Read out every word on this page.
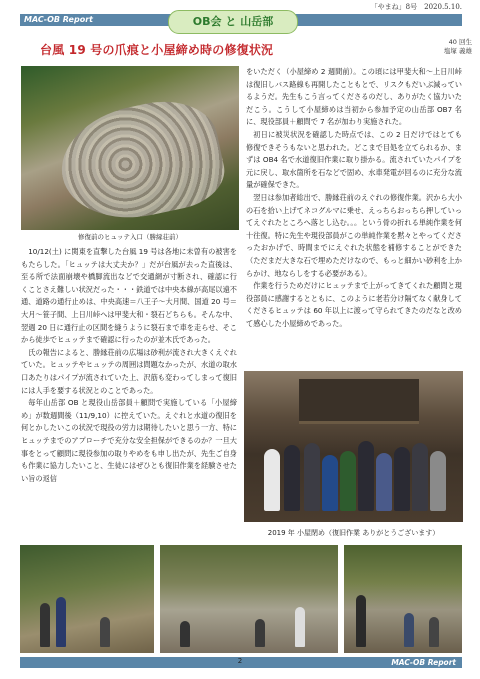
MAC-OB Report
「やまね」8号　2020.5.10.
OB会 と 山岳部
台風 19 号の爪痕と小屋締め時の修復状況
40 回生
塩塚 義雄
修復前のヒュッテ入口（勝縁荘前）

10/12(土) に関東を直撃した台風 19 号は各地に未曽有の被害をもたらした。「ヒュッテは大丈夫か？」だが台風が去った直後は、至る所で法面崩壊や橋脚流出などで交通網が寸断され、確認に行くことさえ難しい状況だった・・・鉄道では中央本線が高尾以遠不通、道路の通行止めは、中央高速＝八王子〜大月間、国道 20 号＝大月〜笹子間、上日川峠へは甲斐大和・裂石どちらも。そんな中、翌週 20 日に通行止の区間を縫うように裂石まで車を走らせ、そこから徒歩でヒュッテまで確認に行ったのが並木氏であった。

氏の報告によると、勝縁荘前の広場は砂利が流され大きくえぐれていた。ヒュッテやヒュッテの周囲は問題なかったが、水道の取水口あたりはパイプが流されていた上、沢筋も変わってしまって復旧には人手を要する状況とのことであった。

毎年山岳部 OB と現役山岳部員＋顧問で実施している「小屋締め」が数週間後（11/9,10）に控えていた。えぐれと水道の復旧を何とかしたいこの状況で現役の労力は期待したいと思う一方、特にヒュッテまでのアプローチで充分な安全担保ができるのか？一旦大事をとって顧問に現役参加の取りやめをも申し出たが、先生ご自身も作業に協力したいこと、生徒にはぜひとも復旧作業を経験させたい旨の返信

をいただく（小屋締め 2 週間前）。この頃には甲斐大和〜上日川峠は復旧しバス路線も再開したこともとで、リスクもだいぶ減っているようだ。先生もこう言ってくださるのだし、ありがたく協力いただこう。こうして小屋締めは当初から参加予定の山岳部 OB7 名に、現役部員＋顧問で 7 名が加わり実施された。

初日に被災状況を確認した時点では、この 2 日だけではとても修復できそうもないと思われた。どこまで目処を立てられるか、まずは OB4 名で水道復旧作業に取り掛かる。流されていたパイプを元に戻し、取水箇所を石などで固め、水車発電が回るのに充分な流量が確保できた。

翌日は参加者総出で、勝縁荘前のえぐれの修復作業。沢から大小の石を拾い上げてネコグルマに乗せ、えっちらおっちら押していってえぐれたところへ落とし込む。。。という骨の折れる単純作業を何十往復。特に先生や現役部員がこの単純作業を黙々とやってくださったおかげで、時間までにえぐれた状態を補修することができた（ただまだ大きな石で埋めただけなので、もっと細かい砂利を上からかけ、地ならしをする必要がある）。

作業を行うためだけにヒュッテまで上がってきてくれた顧問と現役部員に感謝するとともに、このように老若分け隔てなく献身してくださるヒュッテは 60 年以上に渡って守られてきたのだなと改めて感心した小屋締めであった。

2019 年 小屋閉め（復旧作業 ありがとうございます）
MAC-OB Report
2
